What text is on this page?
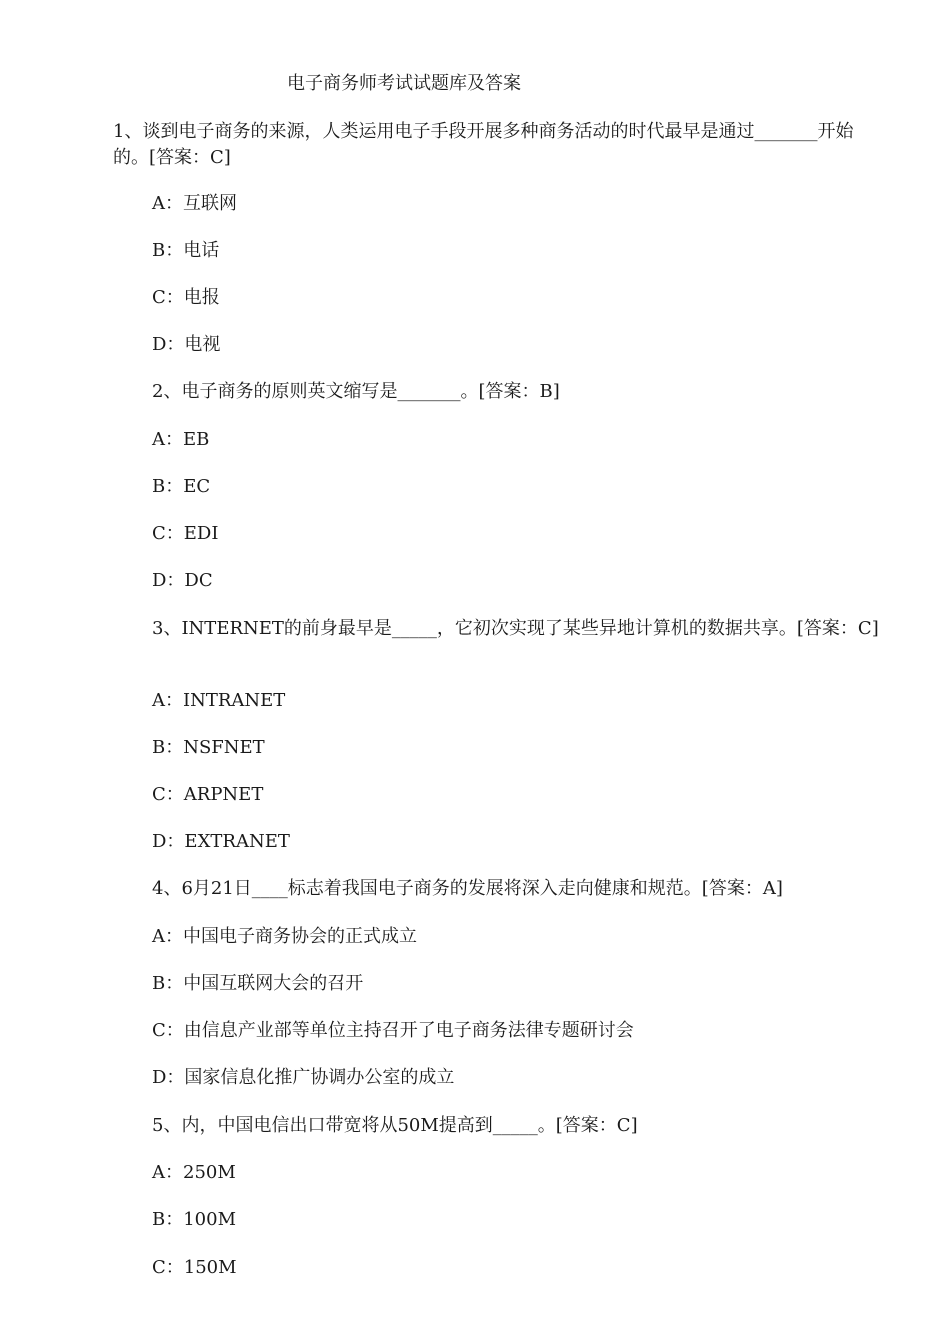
电子商务师考试试题库及答案
1、谈到电子商务的来源，人类运用电子手段开展多种商务活动的时代最早是通过_______开始的。[答案：C]
A：互联网
B：电话
C：电报
D：电视
2、电子商务的原则英文缩写是_______。[答案：B]
A：EB
B：EC
C：EDI
D：DC
3、INTERNET的前身最早是_____，它初次实现了某些异地计算机的数据共享。[答案：C]
A：INTRANET
B：NSFNET
C：ARPNET
D：EXTRANET
4、6月21日____标志着我国电子商务的发展将深入走向健康和规范。[答案：A]
A：中国电子商务协会的正式成立
B：中国互联网大会的召开
C：由信息产业部等单位主持召开了电子商务法律专题研讨会
D：国家信息化推广协调办公室的成立
5、内，中国电信出口带宽将从50M提高到_____。[答案：C]
A：250M
B：100M
C：150M
